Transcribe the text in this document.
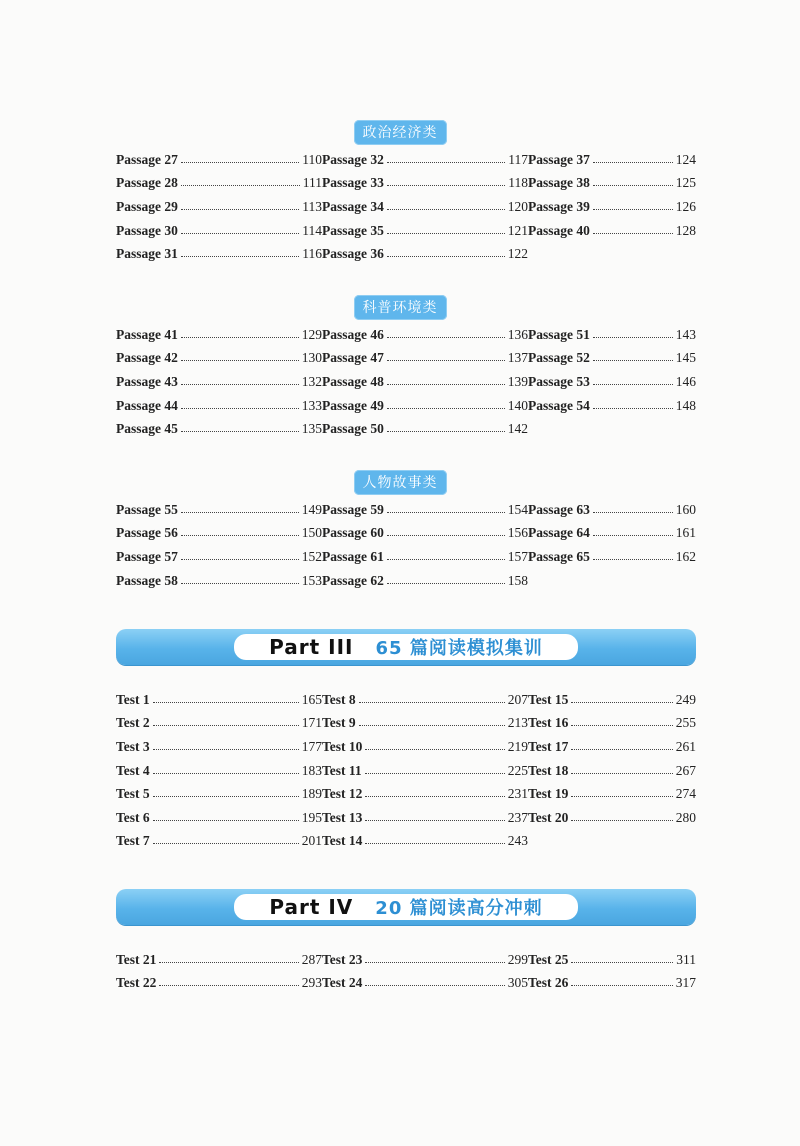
政治经济类
Passage 27	110
Passage 28	111
Passage 29	113
Passage 30	114
Passage 31	116
Passage 32	117
Passage 33	118
Passage 34	120
Passage 35	121
Passage 36	122
Passage 37	124
Passage 38	125
Passage 39	126
Passage 40	128
科普环境类
Passage 41	129
Passage 42	130
Passage 43	132
Passage 44	133
Passage 45	135
Passage 46	136
Passage 47	137
Passage 48	139
Passage 49	140
Passage 50	142
Passage 51	143
Passage 52	145
Passage 53	146
Passage 54	148
人物故事类
Passage 55	149
Passage 56	150
Passage 57	152
Passage 58	153
Passage 59	154
Passage 60	156
Passage 61	157
Passage 62	158
Passage 63	160
Passage 64	161
Passage 65	162
Part III 65 篇阅读模拟集训
Test 1	165
Test 2	171
Test 3	177
Test 4	183
Test 5	189
Test 6	195
Test 7	201
Test 8	207
Test 9	213
Test 10	219
Test 11	225
Test 12	231
Test 13	237
Test 14	243
Test 15	249
Test 16	255
Test 17	261
Test 18	267
Test 19	274
Test 20	280
Part IV 20 篇阅读高分冲刺
Test 21	287
Test 22	293
Test 23	299
Test 24	305
Test 25	311
Test 26	317
